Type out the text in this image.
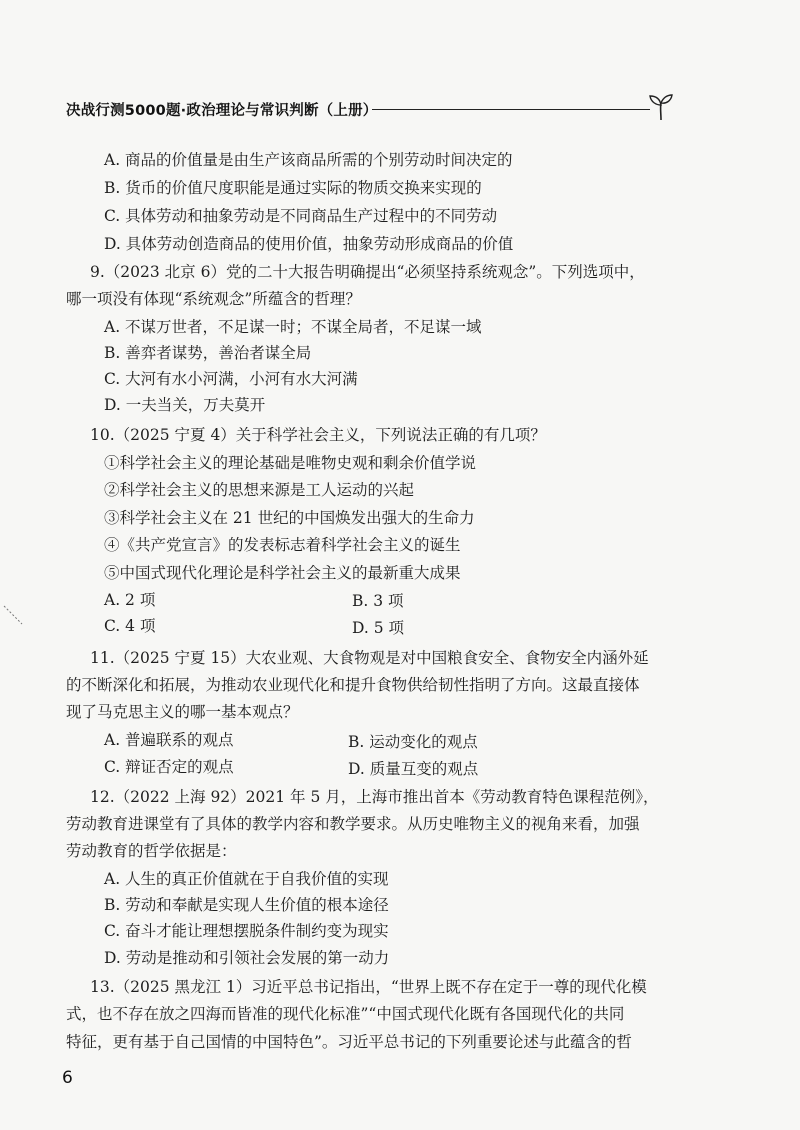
决战行测5000题·政治理论与常识判断（上册）
A. 商品的价值量是由生产该商品所需的个别劳动时间决定的
B. 货币的价值尺度职能是通过实际的物质交换来实现的
C. 具体劳动和抽象劳动是不同商品生产过程中的不同劳动
D. 具体劳动创造商品的使用价值，抽象劳动形成商品的价值
9.（2023 北京 6）党的二十大报告明确提出“必须坚持系统观念”。下列选项中，
哪一项没有体现“系统观念”所蕴含的哲理？
A. 不谋万世者，不足谋一时；不谋全局者，不足谋一域
B. 善弈者谋势，善治者谋全局
C. 大河有水小河满，小河有水大河满
D. 一夫当关，万夫莫开
10.（2025 宁夏 4）关于科学社会主义，下列说法正确的有几项？
①科学社会主义的理论基础是唯物史观和剩余价值学说
②科学社会主义的思想来源是工人运动的兴起
③科学社会主义在 21 世纪的中国焕发出强大的生命力
④《共产党宣言》的发表标志着科学社会主义的诞生
⑤中国式现代化理论是科学社会主义的最新重大成果
A. 2 项	B. 3 项
C. 4 项	D. 5 项
11.（2025 宁夏 15）大农业观、大食物观是对中国粮食安全、食物安全内涵外延
的不断深化和拓展，为推动农业现代化和提升食物供给韧性指明了方向。这最直接体
现了马克思主义的哪一基本观点？
A. 普遍联系的观点	B. 运动变化的观点
C. 辩证否定的观点	D. 质量互变的观点
12.（2022 上海 92）2021 年 5 月，上海市推出首本《劳动教育特色课程范例》，
劳动教育进课堂有了具体的教学内容和教学要求。从历史唯物主义的视角来看，加强
劳动教育的哲学依据是：
A. 人生的真正价值就在于自我价值的实现
B. 劳动和奉献是实现人生价值的根本途径
C. 奋斗才能让理想摆脱条件制约变为现实
D. 劳动是推动和引领社会发展的第一动力
13.（2025 黑龙江 1）习近平总书记指出，“世界上既不存在定于一尊的现代化模
式，也不存在放之四海而皆准的现代化标准”“中国式现代化既有各国现代化的共同
特征，更有基于自己国情的中国特色”。习近平总书记的下列重要论述与此蕴含的哲
6
